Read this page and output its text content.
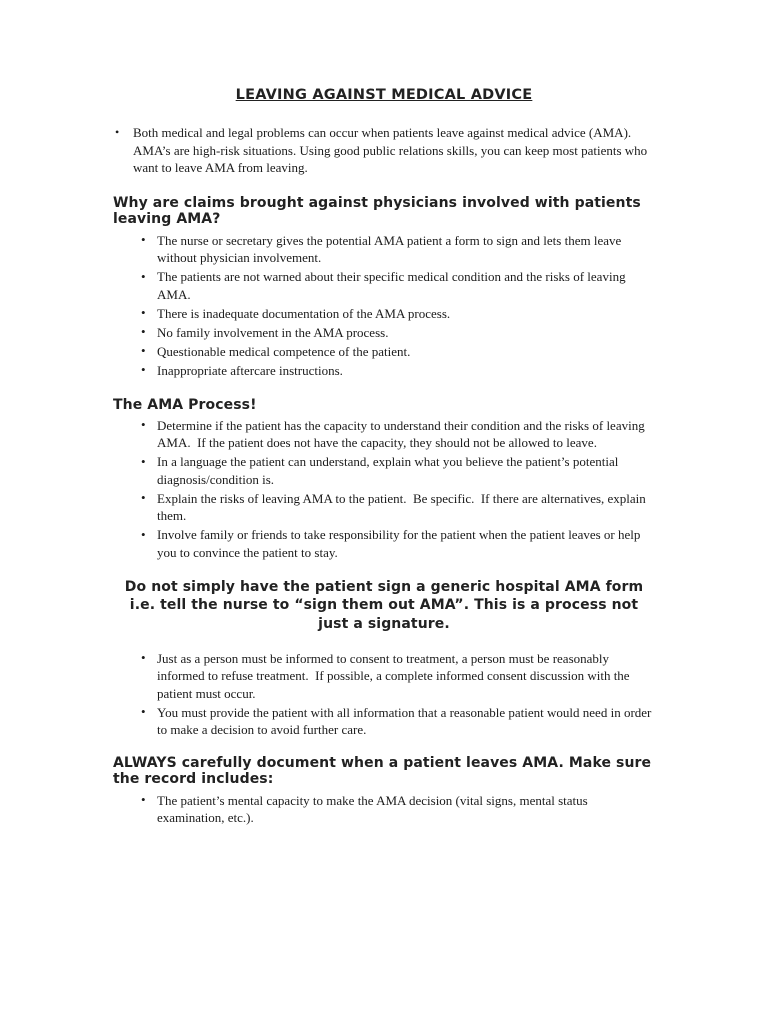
LEAVING AGAINST MEDICAL ADVICE
• Both medical and legal problems can occur when patients leave against medical advice (AMA). AMA’s are high-risk situations. Using good public relations skills, you can keep most patients who want to leave AMA from leaving.
Why are claims brought against physicians involved with patients leaving AMA?
• The nurse or secretary gives the potential AMA patient a form to sign and lets them leave without physician involvement.
• The patients are not warned about their specific medical condition and the risks of leaving AMA.
• There is inadequate documentation of the AMA process.
• No family involvement in the AMA process.
• Questionable medical competence of the patient.
• Inappropriate aftercare instructions.
The AMA Process!
• Determine if the patient has the capacity to understand their condition and the risks of leaving AMA.  If the patient does not have the capacity, they should not be allowed to leave.
• In a language the patient can understand, explain what you believe the patient’s potential diagnosis/condition is.
• Explain the risks of leaving AMA to the patient.  Be specific.  If there are alternatives, explain them.
• Involve family or friends to take responsibility for the patient when the patient leaves or help you to convince the patient to stay.
Do not simply have the patient sign a generic hospital AMA form i.e. tell the nurse to “sign them out AMA”. This is a process not just a signature.
• Just as a person must be informed to consent to treatment, a person must be reasonably informed to refuse treatment.  If possible, a complete informed consent discussion with the patient must occur.
• You must provide the patient with all information that a reasonable patient would need in order to make a decision to avoid further care.
ALWAYS carefully document when a patient leaves AMA. Make sure the record includes:
• The patient’s mental capacity to make the AMA decision (vital signs, mental status examination, etc.).
